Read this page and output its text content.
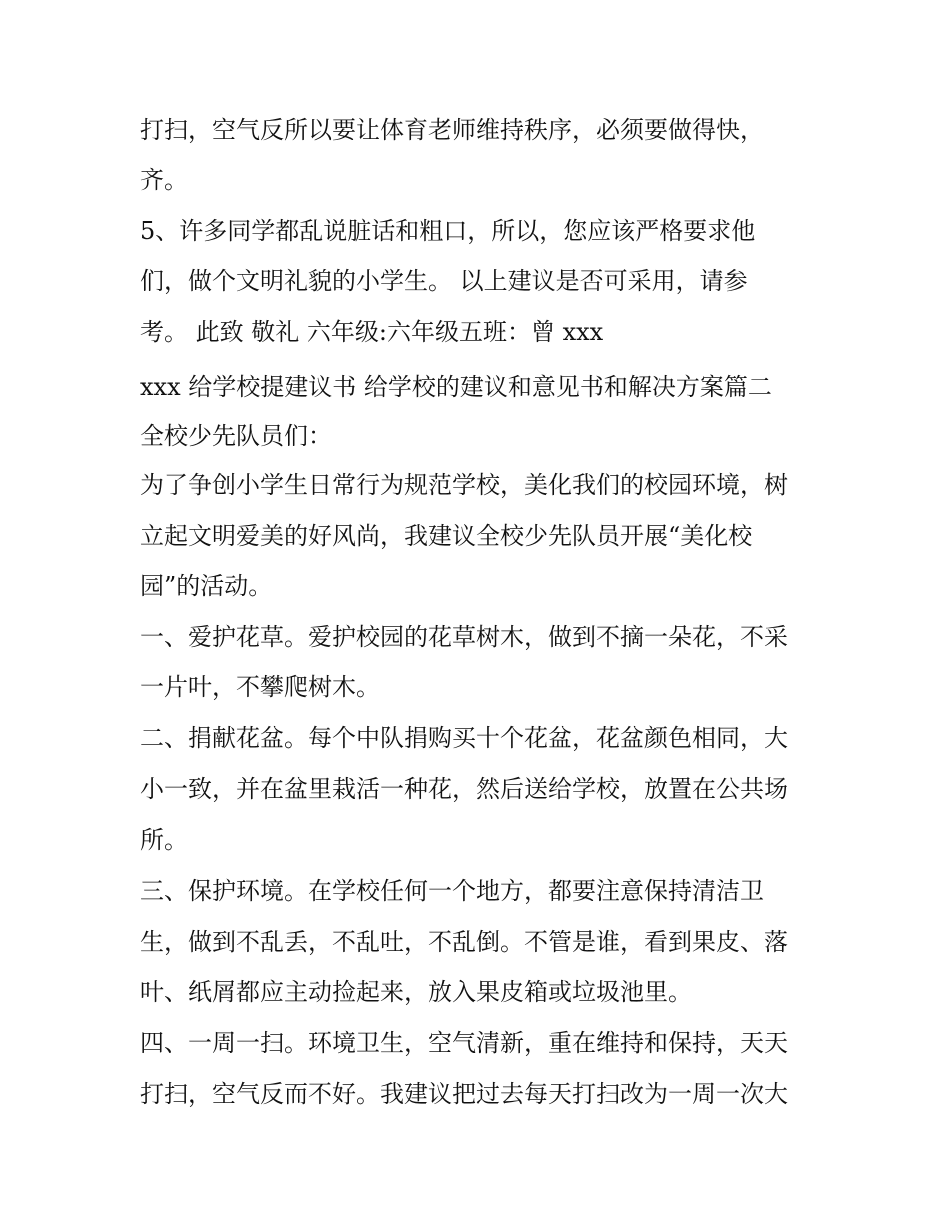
打扫，空气反所以要让体育老师维持秩序，必须要做得快，
齐。
5、许多同学都乱说脏话和粗口，所以，您应该严格要求他
们，做个文明礼貌的小学生。 以上建议是否可采用，请参
考。 此致 敬礼 六年级:六年级五班：曾 xxx
xxx 给学校提建议书 给学校的建议和意见书和解决方案篇二
全校少先队员们：
为了争创小学生日常行为规范学校，美化我们的校园环境，树
立起文明爱美的好风尚，我建议全校少先队员开展“美化校
园”的活动。
一、爱护花草。爱护校园的花草树木，做到不摘一朵花，不采
一片叶，不攀爬树木。
二、捐献花盆。每个中队捐购买十个花盆，花盆颜色相同，大
小一致，并在盆里栽活一种花，然后送给学校，放置在公共场
所。
三、保护环境。在学校任何一个地方，都要注意保持清洁卫
生，做到不乱丢，不乱吐，不乱倒。不管是谁，看到果皮、落
叶、纸屑都应主动捡起来，放入果皮箱或垃圾池里。
四、一周一扫。环境卫生，空气清新，重在维持和保持，天天
打扫，空气反而不好。我建议把过去每天打扫改为一周一次大
